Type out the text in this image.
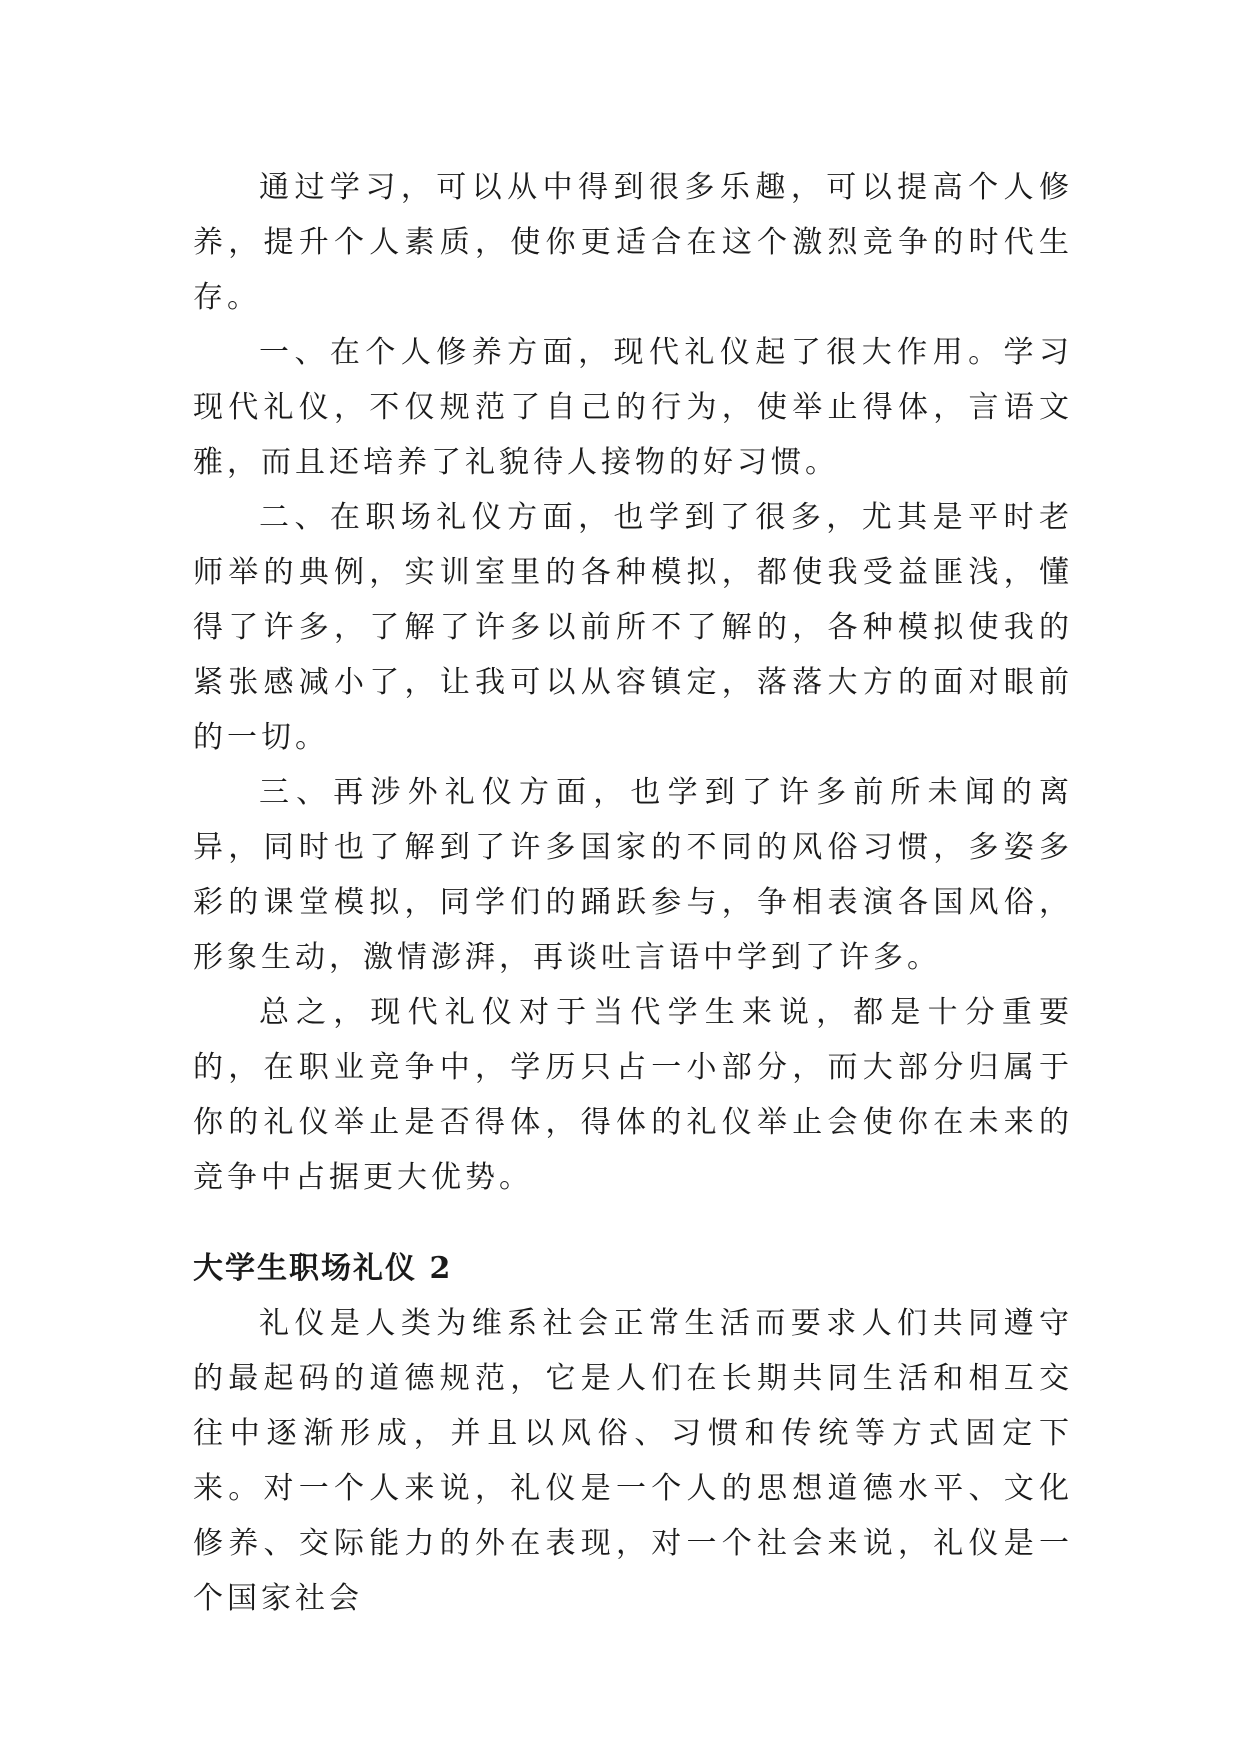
通过学习，可以从中得到很多乐趣，可以提高个人修养，提升个人素质，使你更适合在这个激烈竞争的时代生存。

一、在个人修养方面，现代礼仪起了很大作用。学习现代礼仪，不仅规范了自己的行为，使举止得体，言语文雅，而且还培养了礼貌待人接物的好习惯。

二、在职场礼仪方面，也学到了很多，尤其是平时老师举的典例，实训室里的各种模拟，都使我受益匪浅，懂得了许多，了解了许多以前所不了解的，各种模拟使我的紧张感减小了，让我可以从容镇定，落落大方的面对眼前的一切。

三、再涉外礼仪方面，也学到了许多前所未闻的离异，同时也了解到了许多国家的不同的风俗习惯，多姿多彩的课堂模拟，同学们的踊跃参与，争相表演各国风俗，形象生动，激情澎湃，再谈吐言语中学到了许多。

总之，现代礼仪对于当代学生来说，都是十分重要的，在职业竞争中，学历只占一小部分，而大部分归属于你的礼仪举止是否得体，得体的礼仪举止会使你在未来的竞争中占据更大优势。

大学生职场礼仪 2

礼仪是人类为维系社会正常生活而要求人们共同遵守的最起码的道德规范，它是人们在长期共同生活和相互交往中逐渐形成，并且以风俗、习惯和传统等方式固定下来。对一个人来说，礼仪是一个人的思想道德水平、文化修养、交际能力的外在表现，对一个社会来说，礼仪是一个国家社会
